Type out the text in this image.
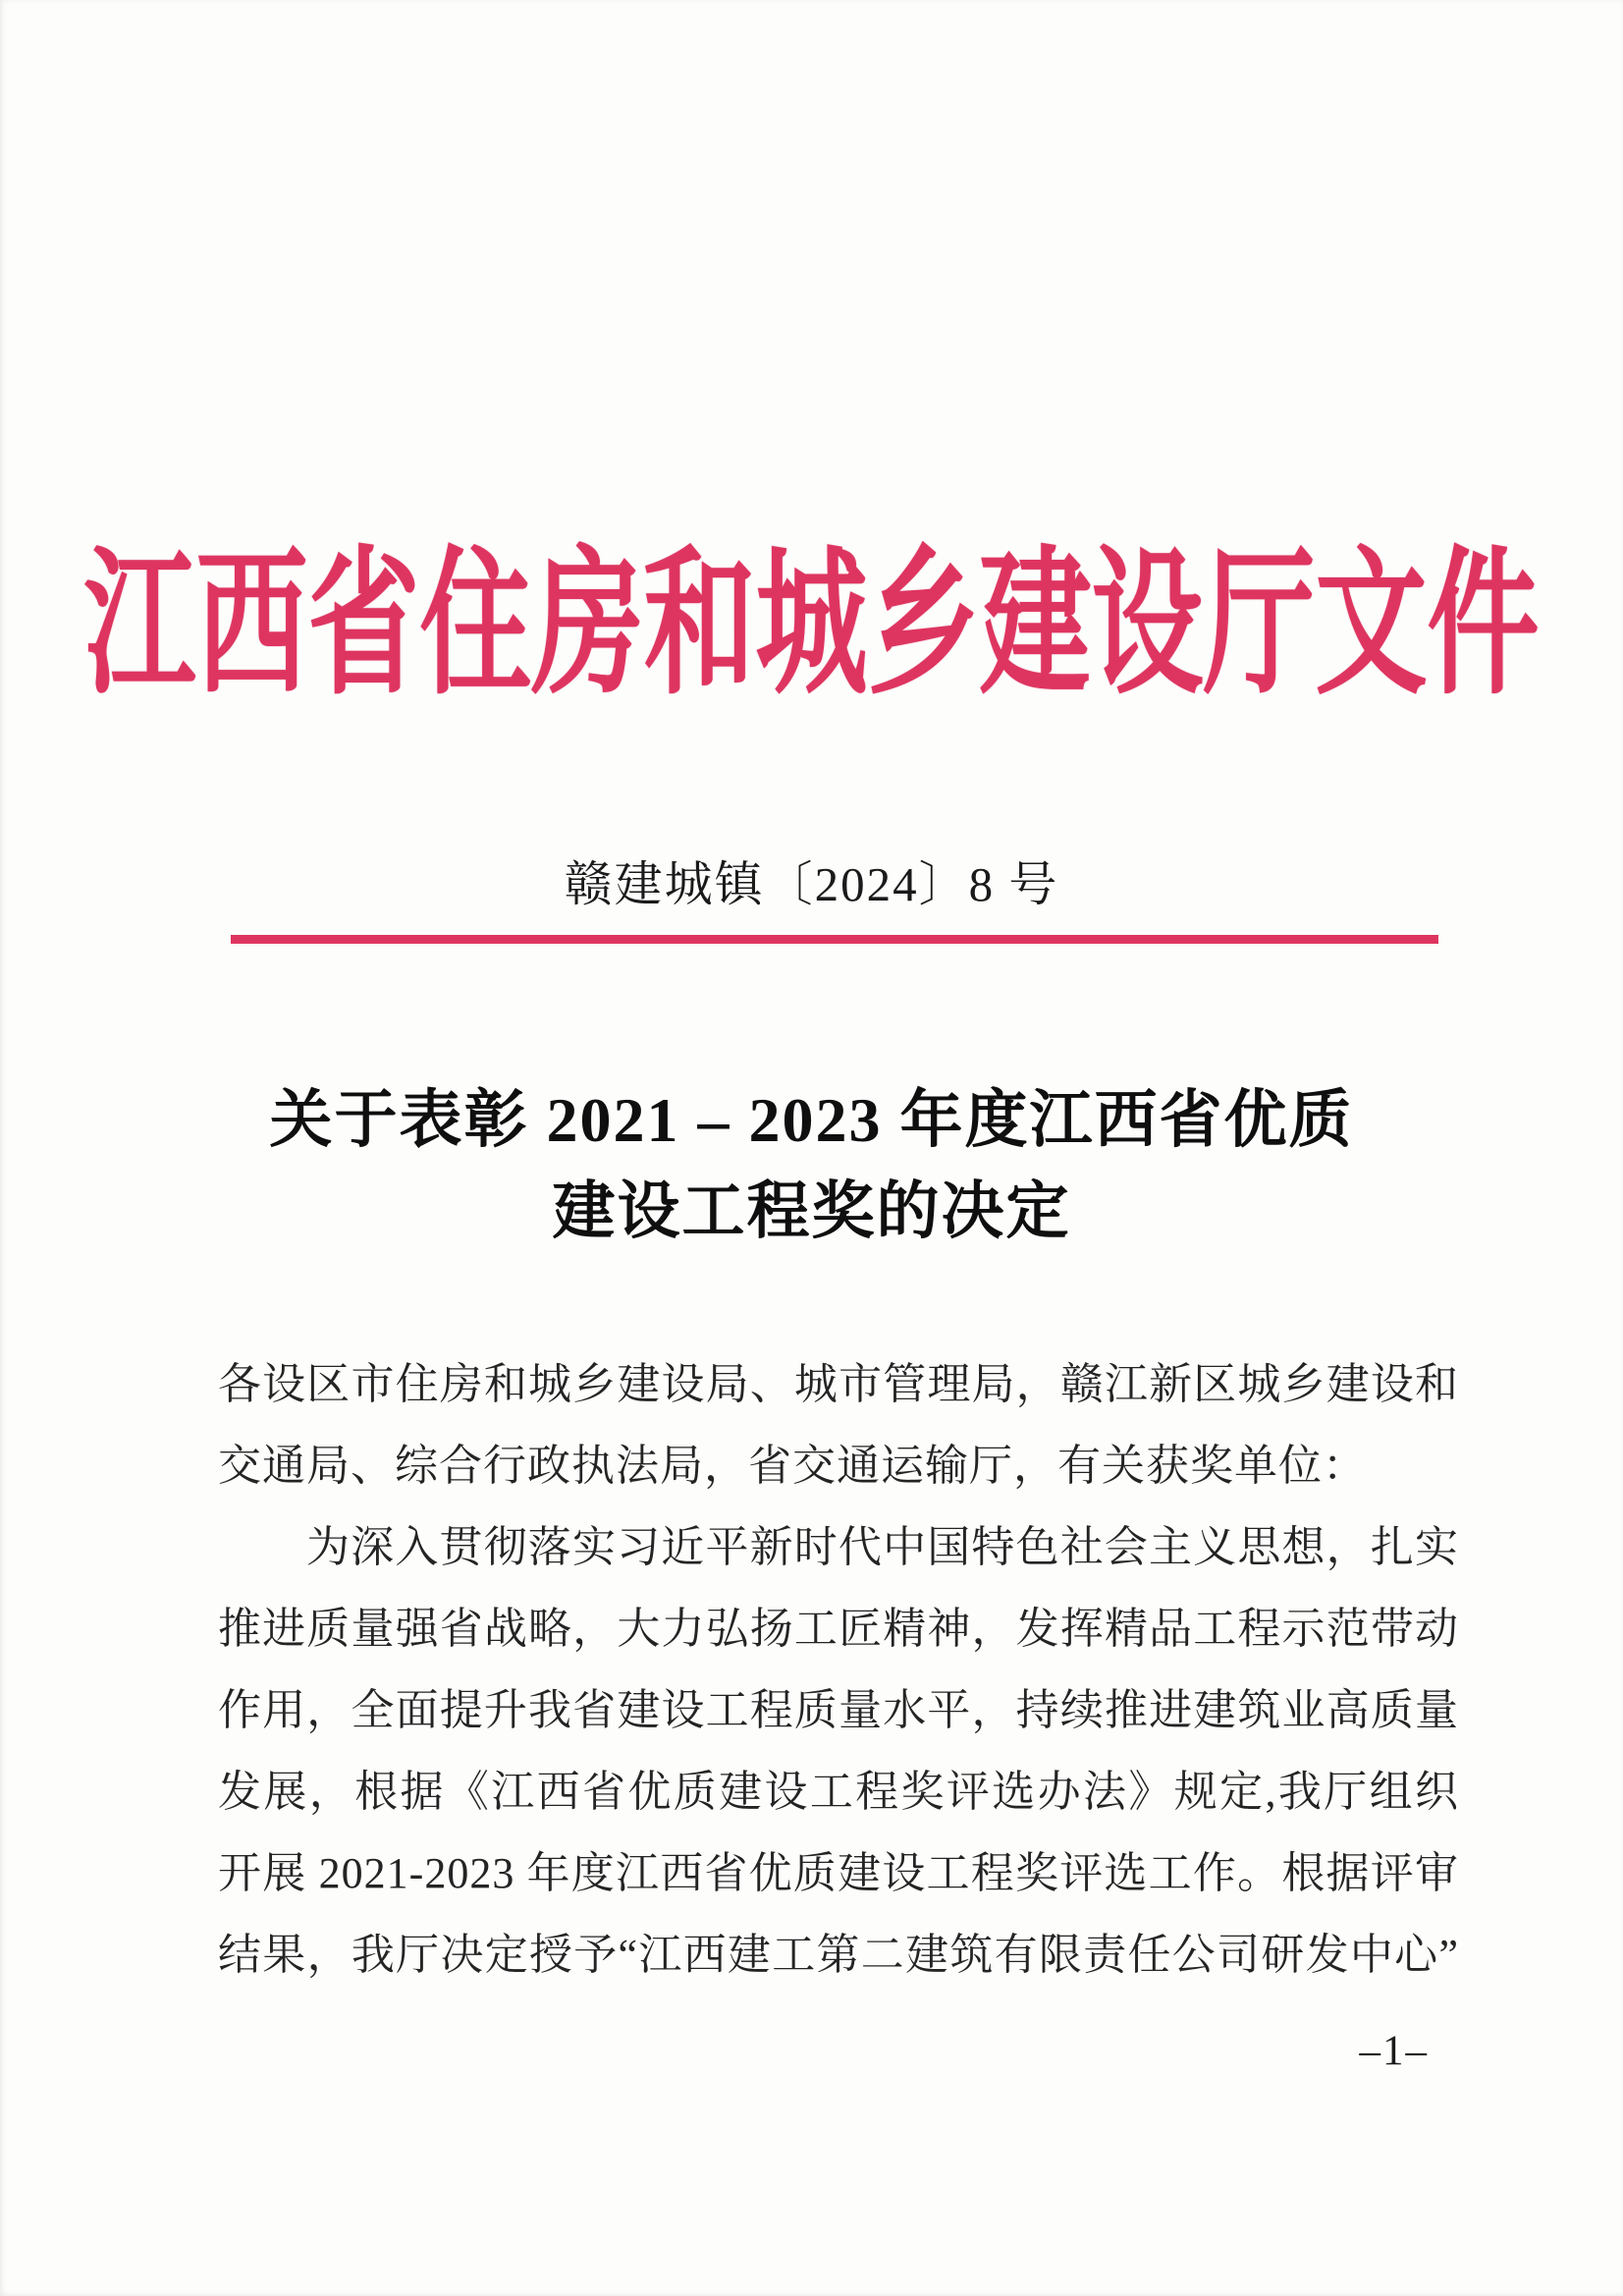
江西省住房和城乡建设厅文件
赣建城镇〔2024〕8 号
关于表彰 2021 – 2023 年度江西省优质
建设工程奖的决定
各设区市住房和城乡建设局、城市管理局，赣江新区城乡建设和
交通局、综合行政执法局，省交通运输厅，有关获奖单位：
为深入贯彻落实习近平新时代中国特色社会主义思想，扎实
推进质量强省战略，大力弘扬工匠精神，发挥精品工程示范带动
作用，全面提升我省建设工程质量水平，持续推进建筑业高质量
发展，根据《江西省优质建设工程奖评选办法》规定,我厅组织
开展 2021-2023 年度江西省优质建设工程奖评选工作。根据评审
结果，我厅决定授予“江西建工第二建筑有限责任公司研发中心”
–1–
